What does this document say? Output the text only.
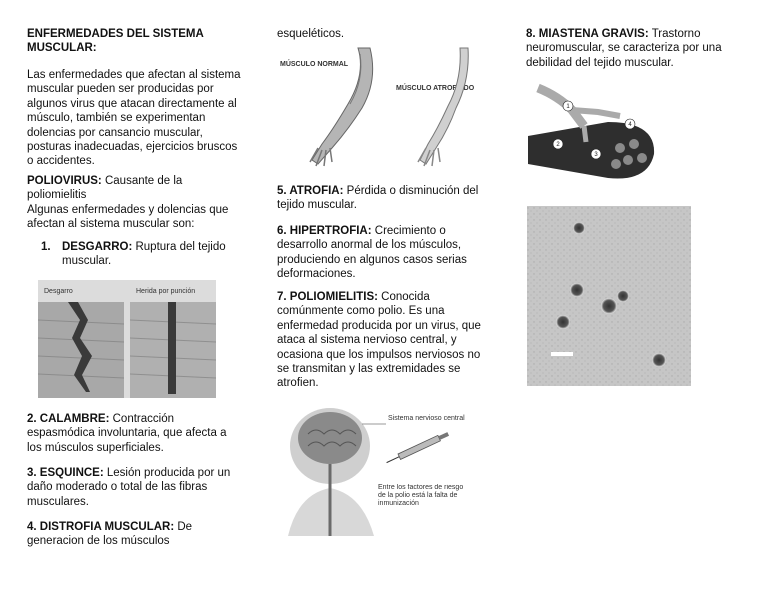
ENFERMEDADES DEL SISTEMA MUSCULAR:

Las enfermedades que afectan al sistema muscular pueden ser producidas por algunos virus que atacan directamente al músculo, también se experimentan dolencias por cansancio muscular, posturas inadecuadas, ejercicios bruscos o accidentes.

POLIOVIRUS: Causante de la poliomielitis
Algunas enfermedades y dolencias que afectan al sistema muscular son:

1. DESGARRO: Ruptura del tejido muscular.

2. CALAMBRE: Contracción espasmódica involuntaria, que afecta a los músculos superficiales.

3. ESQUINCE: Lesión producida por un daño moderado o total de las fibras musculares.

4. DISTROFIA MUSCULAR: De generacion de los músculos

Desgarro	Herida por punción

esqueléticos.

5. ATROFIA: Pérdida o disminución del tejido muscular.

6. HIPERTROFIA: Crecimiento o desarrollo anormal de los músculos, produciendo en algunos casos serias deformaciones.

7. POLIOMIELITIS: Conocida comúnmente como polio. Es una enfermedad producida por un virus, que ataca al sistema nervioso central, y ocasiona que los impulsos nerviosos no se transmitan y las extremidades se atrofien.

MÚSCULO NORMAL
MÚSCULO ATROFIADO
Sistema nervioso central
Entre los factores de riesgo de la polio está la falta de inmunización

8. MIASTENA GRAVIS: Trastorno neuromuscular, se caracteriza por una debilidad del tejido muscular.

1
2
3
4
